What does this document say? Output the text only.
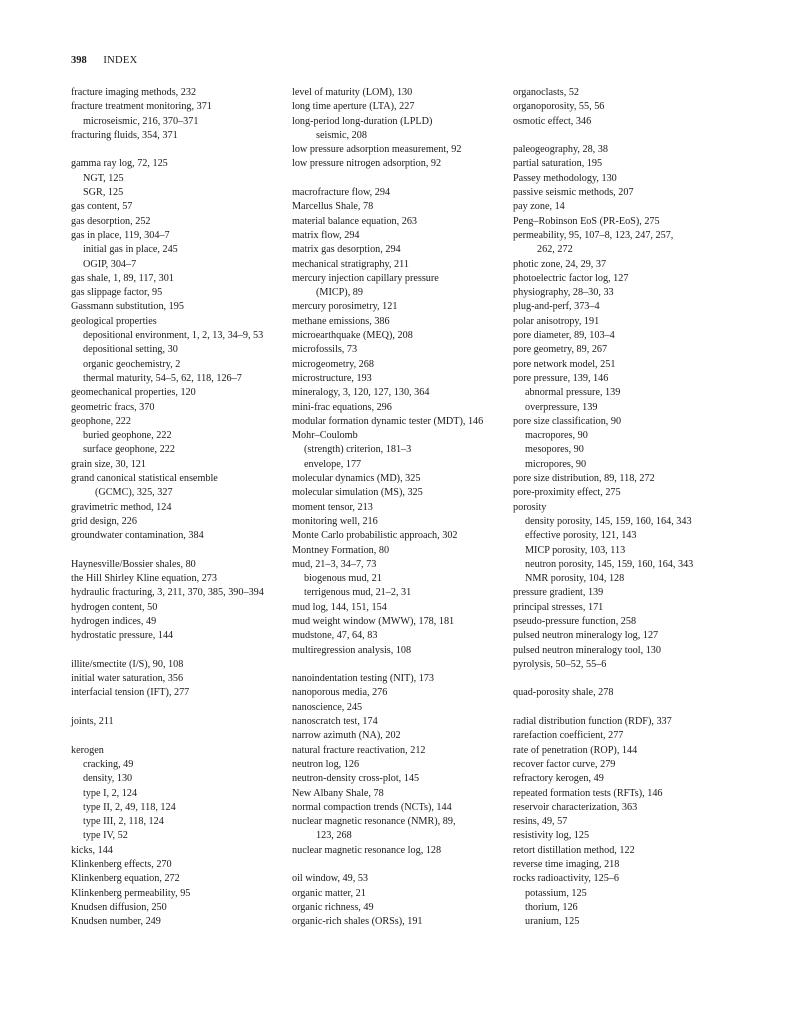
398 INDEX
fracture imaging methods, 232
fracture treatment monitoring, 371
microseismic, 216, 370–371
fracturing fluids, 354, 371
gamma ray log, 72, 125
NGT, 125
SGR, 125
gas content, 57
gas desorption, 252
gas in place, 119, 304–7
initial gas in place, 245
OGIP, 304–7
gas shale, 1, 89, 117, 301
gas slippage factor, 95
Gassmann substitution, 195
geological properties
depositional environment, 1, 2, 13, 34–9, 53
depositional setting, 30
organic geochemistry, 2
thermal maturity, 54–5, 62, 118, 126–7
geomechanical properties, 120
geometric fracs, 370
geophone, 222
buried geophone, 222
surface geophone, 222
grain size, 30, 121
grand canonical statistical ensemble
(GCMC), 325, 327
gravimetric method, 124
grid design, 226
groundwater contamination, 384
Haynesville/Bossier shales, 80
the Hill Shirley Kline equation, 273
hydraulic fracturing, 3, 211, 370, 385, 390–394
hydrogen content, 50
hydrogen indices, 49
hydrostatic pressure, 144
illite/smectite (I/S), 90, 108
initial water saturation, 356
interfacial tension (IFT), 277
joints, 211
kerogen
cracking, 49
density, 130
type I, 2, 124
type II, 2, 49, 118, 124
type III, 2, 118, 124
type IV, 52
kicks, 144
Klinkenberg effects, 270
Klinkenberg equation, 272
Klinkenberg permeability, 95
Knudsen diffusion, 250
Knudsen number, 249
level of maturity (LOM), 130
long time aperture (LTA), 227
long-period long-duration (LPLD)
seismic, 208
low pressure adsorption measurement, 92
low pressure nitrogen adsorption, 92
macrofracture flow, 294
Marcellus Shale, 78
material balance equation, 263
matrix flow, 294
matrix gas desorption, 294
mechanical stratigraphy, 211
mercury injection capillary pressure
(MICP), 89
mercury porosimetry, 121
methane emissions, 386
microearthquake (MEQ), 208
microfossils, 73
microgeometry, 268
microstructure, 193
mineralogy, 3, 120, 127, 130, 364
mini-frac equations, 296
modular formation dynamic tester (MDT), 146
Mohr–Coulomb
(strength) criterion, 181–3
envelope, 177
molecular dynamics (MD), 325
molecular simulation (MS), 325
moment tensor, 213
monitoring well, 216
Monte Carlo probabilistic approach, 302
Montney Formation, 80
mud, 21–3, 34–7, 73
biogenous mud, 21
terrigenous mud, 21–2, 31
mud log, 144, 151, 154
mud weight window (MWW), 178, 181
mudstone, 47, 64, 83
multiregression analysis, 108
nanoindentation testing (NIT), 173
nanoporous media, 276
nanoscience, 245
nanoscratch test, 174
narrow azimuth (NA), 202
natural fracture reactivation, 212
neutron log, 126
neutron-density cross-plot, 145
New Albany Shale, 78
normal compaction trends (NCTs), 144
nuclear magnetic resonance (NMR), 89,
123, 268
nuclear magnetic resonance log, 128
oil window, 49, 53
organic matter, 21
organic richness, 49
organic-rich shales (ORSs), 191
organoclasts, 52
organoporosity, 55, 56
osmotic effect, 346
paleogeography, 28, 38
partial saturation, 195
Passey methodology, 130
passive seismic methods, 207
pay zone, 14
Peng–Robinson EoS (PR-EoS), 275
permeability, 95, 107–8, 123, 247, 257,
262, 272
photic zone, 24, 29, 37
photoelectric factor log, 127
physiography, 28–30, 33
plug-and-perf, 373–4
polar anisotropy, 191
pore diameter, 89, 103–4
pore geometry, 89, 267
pore network model, 251
pore pressure, 139, 146
abnormal pressure, 139
overpressure, 139
pore size classification, 90
macropores, 90
mesopores, 90
micropores, 90
pore size distribution, 89, 118, 272
pore-proximity effect, 275
porosity
density porosity, 145, 159, 160, 164, 343
effective porosity, 121, 143
MICP porosity, 103, 113
neutron porosity, 145, 159, 160, 164, 343
NMR porosity, 104, 128
pressure gradient, 139
principal stresses, 171
pseudo-pressure function, 258
pulsed neutron mineralogy log, 127
pulsed neutron mineralogy tool, 130
pyrolysis, 50–52, 55–6
quad-porosity shale, 278
radial distribution function (RDF), 337
rarefaction coefficient, 277
rate of penetration (ROP), 144
recover factor curve, 279
refractory kerogen, 49
repeated formation tests (RFTs), 146
reservoir characterization, 363
resins, 49, 57
resistivity log, 125
retort distillation method, 122
reverse time imaging, 218
rocks radioactivity, 125–6
potassium, 125
thorium, 126
uranium, 125
